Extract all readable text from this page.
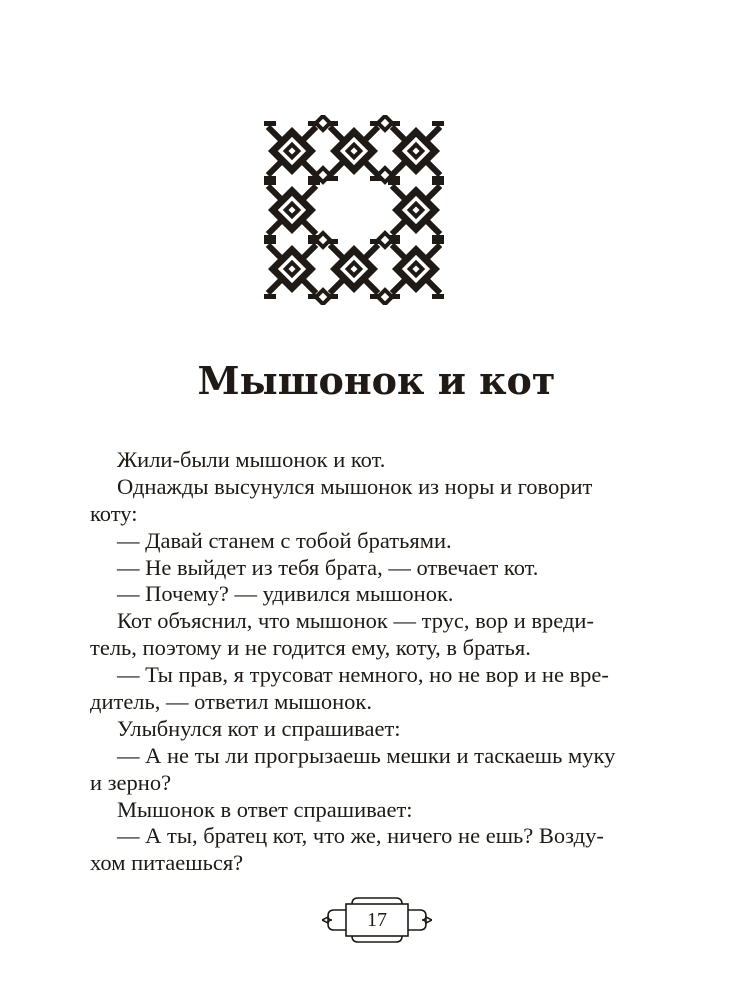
Мышонок и кот
Жили-были мышонок и кот.
Однажды высунулся мышонок из норы и говорит
коту:
— Давай станем с тобой братьями.
— Не выйдет из тебя брата, — отвечает кот.
— Почему? — удивился мышонок.
Кот объяснил, что мышонок — трус, вор и вреди-
тель, поэтому и не годится ему, коту, в братья.
— Ты прав, я трусоват немного, но не вор и не вре-
дитель, — ответил мышонок.
Улыбнулся кот и спрашивает:
— А не ты ли прогрызаешь мешки и таскаешь муку
и зерно?
Мышонок в ответ спрашивает:
— А ты, братец кот, что же, ничего не ешь? Возду-
хом питаешься?
17
